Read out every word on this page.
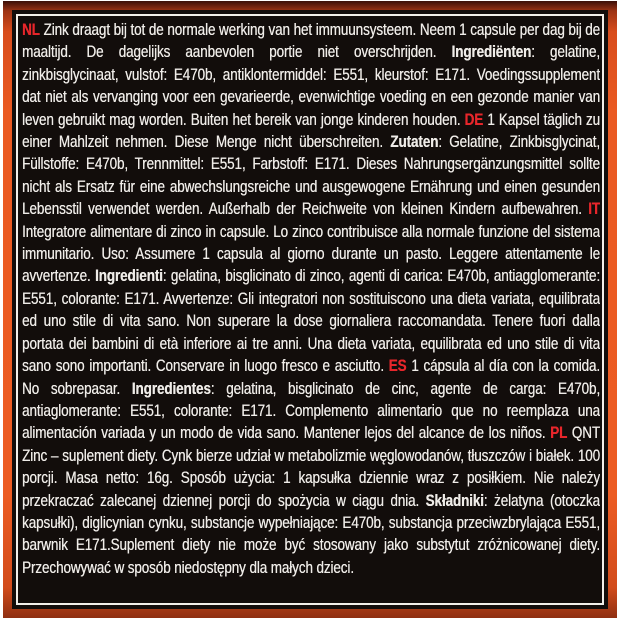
NL Zink draagt bij tot de normale werking van het immuunsysteem. Neem 1 capsule per dag bij de maaltijd. De dagelijks aanbevolen portie niet overschrijden. Ingrediënten: gelatine, zinkbisglycinaat, vulstof: E470b, antiklontermiddel: E551, kleurstof: E171. Voedingssupplement dat niet als vervanging voor een gevarieerde, evenwichtige voeding en een gezonde manier van leven gebruikt mag worden. Buiten het bereik van jonge kinderen houden. DE 1 Kapsel täglich zu einer Mahlzeit nehmen. Diese Menge nicht überschreiten. Zutaten: Gelatine, Zinkbisglycinat, Füllstoffe: E470b, Trennmittel: E551, Farbstoff: E171. Dieses Nahrungsergänzungsmittel sollte nicht als Ersatz für eine abwechslungsreiche und ausgewogene Ernährung und einen gesunden Lebensstil verwendet werden. Außerhalb der Reichweite von kleinen Kindern aufbewahren. IT Integratore alimentare di zinco in capsule. Lo zinco contribuisce alla normale funzione del sistema immunitario. Uso: Assumere 1 capsula al giorno durante un pasto. Leggere attentamente le avvertenze. Ingredienti: gelatina, bisglicinato di zinco, agenti di carica: E470b, antiagglomerante: E551, colorante: E171. Avvertenze: Gli integratori non sostituiscono una dieta variata, equilibrata ed uno stile di vita sano. Non superare la dose giornaliera raccomandata. Tenere fuori dalla portata dei bambini di età inferiore ai tre anni. Una dieta variata, equilibrata ed uno stile di vita sano sono importanti. Conservare in luogo fresco e asciutto. ES 1 cápsula al día con la comida. No sobrepasar. Ingredientes: gelatina, bisglicinato de cinc, agente de carga: E470b, antiaglomerante: E551, colorante: E171. Complemento alimentario que no reemplaza una alimentación variada y un modo de vida sano. Mantener lejos del alcance de los niños. PL QNT Zinc – suplement diety. Cynk bierze udział w metabolizmie węglowodanów, tłuszczów i białek. 100 porcji. Masa netto: 16g. Sposób użycia: 1 kapsułka dziennie wraz z posiłkiem. Nie należy przekraczać zalecanej dziennej porcji do spożycia w ciągu dnia. Składniki: żelatyna (otoczka kapsułki), diglicynian cynku, substancje wypełniające: E470b, substancja przeciwzbrylająca E551, barwnik E171.Suplement diety nie może być stosowany jako substytut zróżnicowanej diety. Przechowywać w sposób niedostępny dla małych dzieci.
